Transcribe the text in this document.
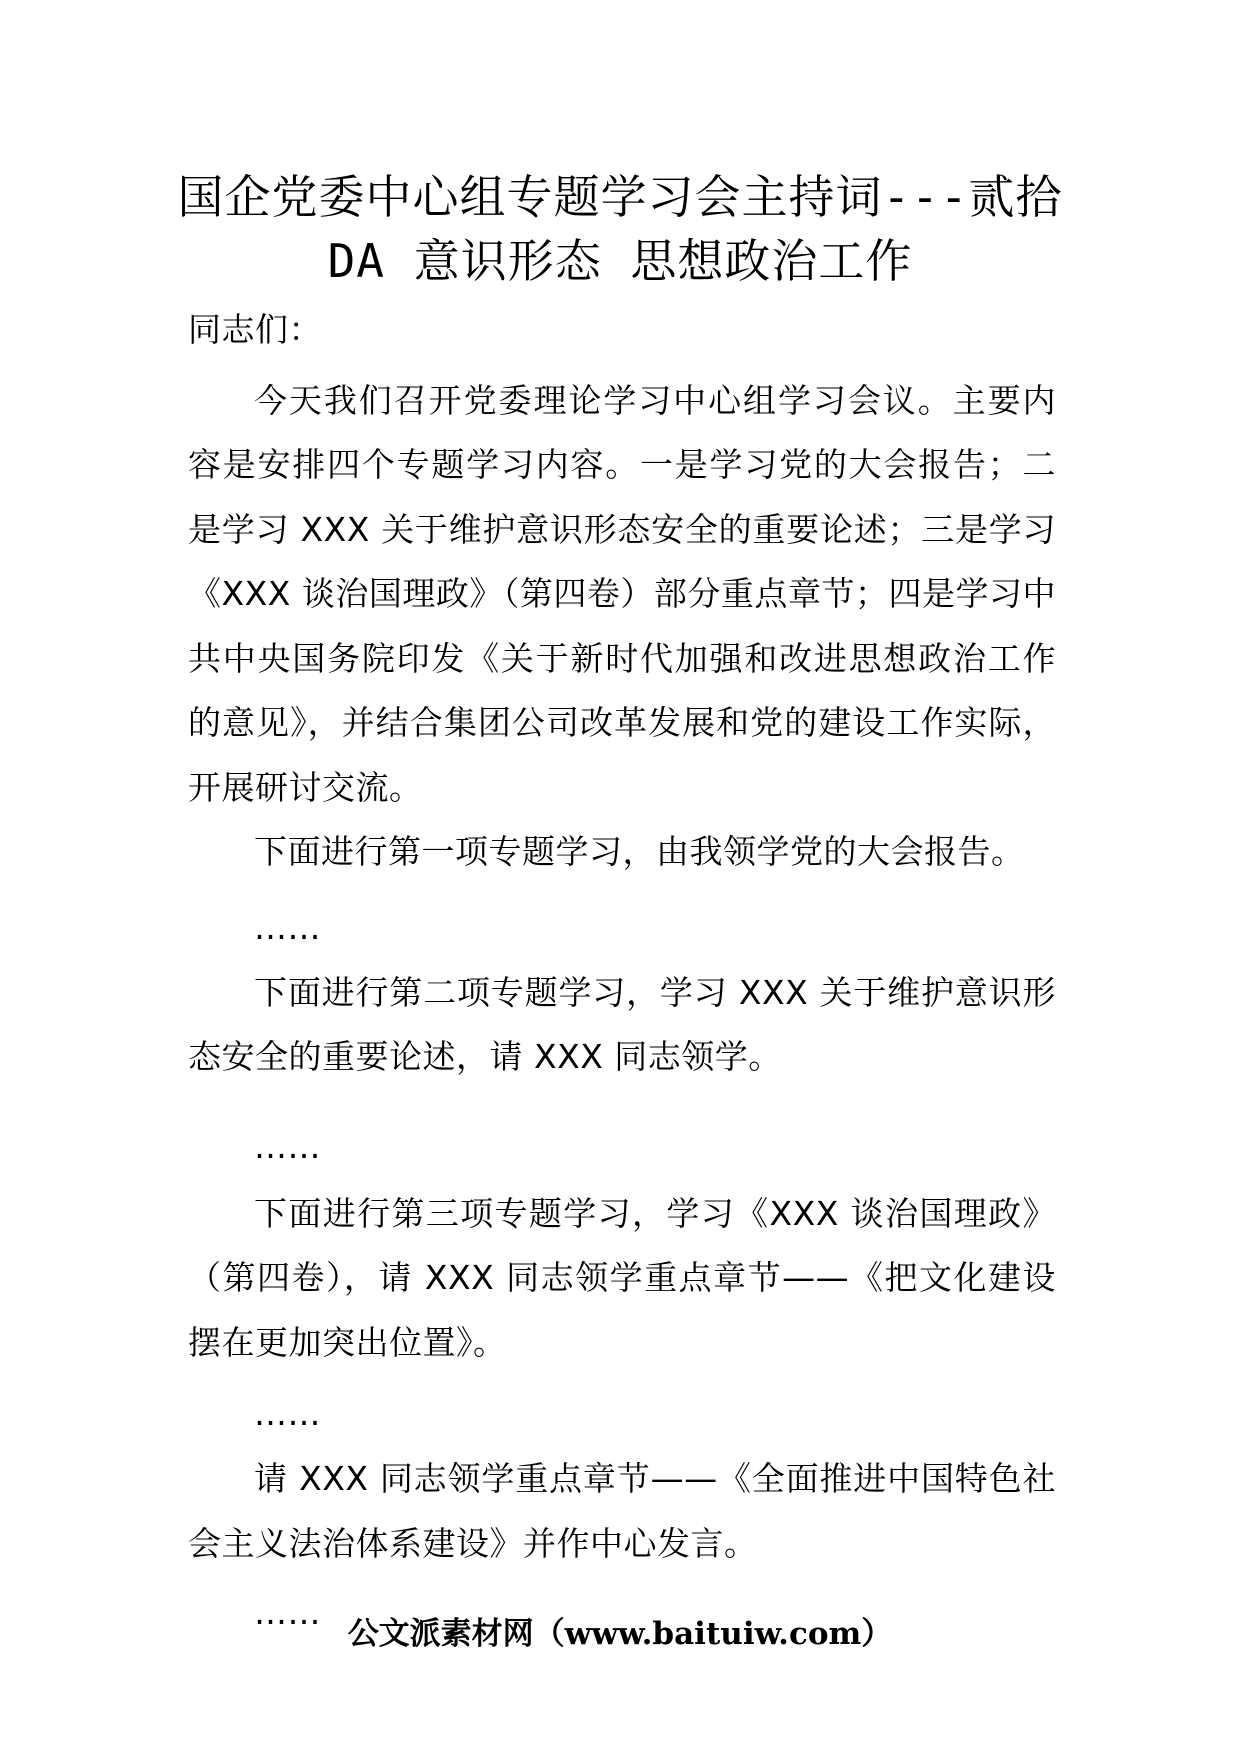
国企党委中心组专题学习会主持词---贰拾
DA 意识形态 思想政治工作

同志们：

今天我们召开党委理论学习中心组学习会议。主要内容是安排四个专题学习内容。一是学习党的大会报告；二是学习 XXX 关于维护意识形态安全的重要论述；三是学习《XXX 谈治国理政》（第四卷）部分重点章节；四是学习中共中央国务院印发《关于新时代加强和改进思想政治工作的意见》，并结合集团公司改革发展和党的建设工作实际，开展研讨交流。

下面进行第一项专题学习，由我领学党的大会报告。

……

下面进行第二项专题学习，学习 XXX 关于维护意识形态安全的重要论述，请 XXX 同志领学。

……

下面进行第三项专题学习，学习《XXX 谈治国理政》（第四卷），请 XXX 同志领学重点章节——《把文化建设摆在更加突出位置》。

……

请 XXX 同志领学重点章节——《全面推进中国特色社会主义法治体系建设》并作中心发言。

……

公文派素材网（www.baituiw.com）
